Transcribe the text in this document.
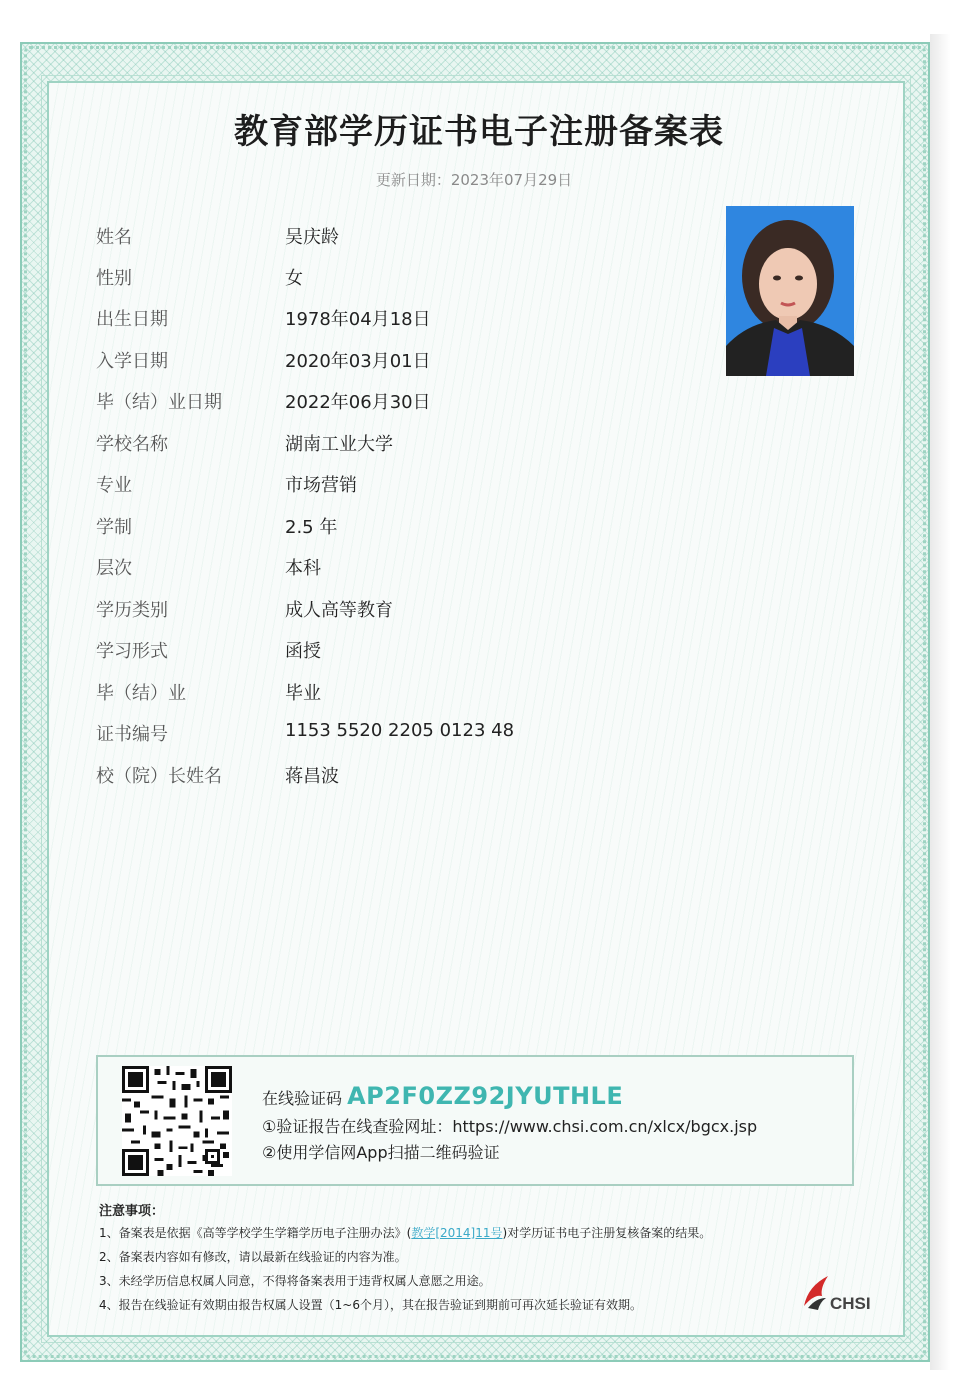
教育部学历证书电子注册备案表
更新日期：2023年07月29日
姓名	吴庆龄
性别	女
出生日期	1978年04月18日
入学日期	2020年03月01日
毕（结）业日期	2022年06月30日
学校名称	湖南工业大学
专业	市场营销
学制	2.5 年
层次	本科
学历类别	成人高等教育
学习形式	函授
毕（结）业	毕业
证书编号	1153 5520 2205 0123 48
校（院）长姓名	蒋昌波
在线验证码 AP2F0ZZ92JYUTHLE
①验证报告在线查验网址：https://www.chsi.com.cn/xlcx/bgcx.jsp
②使用学信网App扫描二维码验证
注意事项：
1、备案表是依据《高等学校学生学籍学历电子注册办法》(教学[2014]11号)对学历证书电子注册复核备案的结果。
2、备案表内容如有修改，请以最新在线验证的内容为准。
3、未经学历信息权属人同意，不得将备案表用于违背权属人意愿之用途。
4、报告在线验证有效期由报告权属人设置（1~6个月），其在报告验证到期前可再次延长验证有效期。	CHSI
